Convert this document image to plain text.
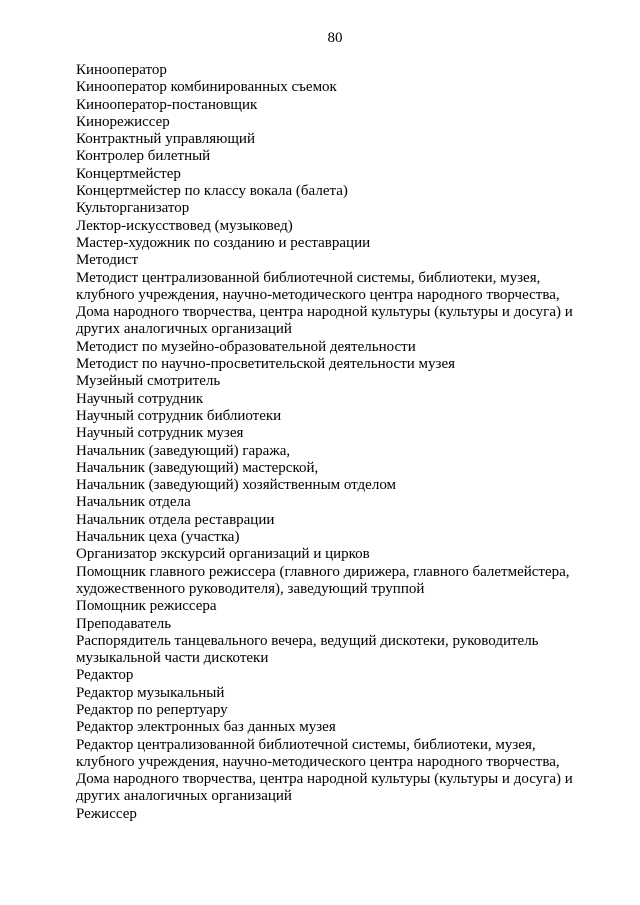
80
Кинооператор
Кинооператор комбинированных съемок
Кинооператор-постановщик
Кинорежиссер
Контрактный управляющий
Контролер билетный
Концертмейстер
Концертмейстер по классу вокала (балета)
Культорганизатор
Лектор-искусствовед (музыковед)
Мастер-художник по созданию и реставрации
Методист
Методист централизованной библиотечной системы, библиотеки, музея,
клубного учреждения, научно-методического центра народного творчества,
Дома народного творчества, центра народной культуры (культуры и досуга) и
других аналогичных организаций
Методист по музейно-образовательной деятельности
Методист по научно-просветительской деятельности музея
Музейный смотритель
Научный сотрудник
Научный сотрудник библиотеки
Научный сотрудник музея
Начальник (заведующий) гаража,
Начальник (заведующий) мастерской,
Начальник (заведующий) хозяйственным отделом
Начальник отдела
Начальник отдела реставрации
Начальник цеха (участка)
Организатор экскурсий организаций и цирков
Помощник главного режиссера (главного дирижера, главного балетмейстера,
художественного руководителя), заведующий труппой
Помощник режиссера
Преподаватель
Распорядитель танцевального вечера, ведущий дискотеки, руководитель
музыкальной части дискотеки
Редактор
Редактор музыкальный
Редактор по репертуару
Редактор электронных баз данных музея
Редактор централизованной библиотечной системы, библиотеки, музея,
клубного учреждения, научно-методического центра народного творчества,
Дома народного творчества, центра народной культуры (культуры и досуга) и
других аналогичных организаций
Режиссер
